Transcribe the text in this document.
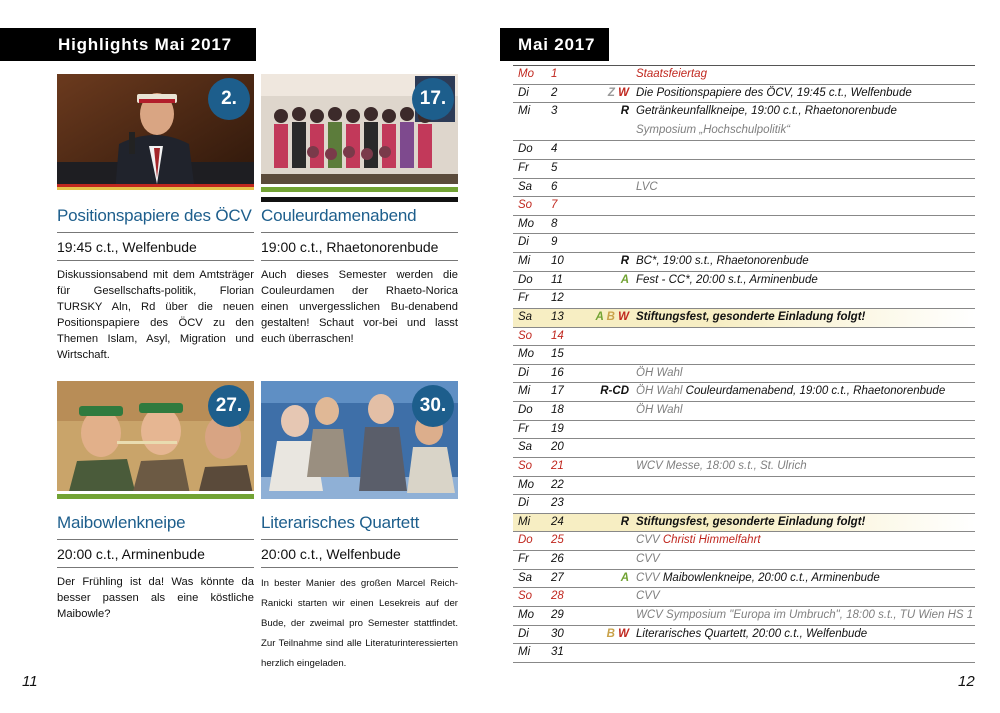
Highlights Mai 2017
2.
Positionspapiere des ÖCV
19:45 c.t., Welfenbude
Diskussionsabend mit dem Amtsträger für Gesellschafts-politik, Florian TURSKY Aln, Rd über die neuen Positionspapiere des ÖCV zu den Themen Islam, Asyl, Migration und Wirtschaft.
17.
Couleurdamenabend
19:00 c.t., Rhaetonorenbude
Auch dieses Semester werden die Couleurdamen der Rhaeto-Norica einen unvergesslichen Bu-denabend gestalten! Schaut vor-bei und lasst euch überraschen!
27.
Maibowlenkneipe
20:00 c.t., Arminenbude
Der Frühling ist da! Was könnte da besser passen als eine köstliche Maibowle?
30.
Literarisches Quartett
20:00 c.t., Welfenbude
In bester Manier des großen Marcel Reich-Ranicki starten wir einen Lesekreis auf der Bude, der zweimal pro Semester stattfindet. Zur Teilnahme sind alle Literaturinteressierten herzlich eingeladen.
11
Mai 2017
Mo	1	Staatsfeiertag
Di	2	Z W Die Positionspapiere des ÖCV, 19:45 c.t., Welfenbude
Mi	3	R Getränkeunfallkneipe, 19:00 c.t., Rhaetonorenbude
Symposium „Hochschulpolitik“
Do	4
Fr	5
Sa	6	LVC
So	7
Mo	8
Di	9
Mi	10	R BC*, 19:00 s.t., Rhaetonorenbude
Do	11	A Fest - CC*, 20:00 s.t., Arminenbude
Fr	12
Sa	13	A B W Stiftungsfest, gesonderte Einladung folgt!
So	14
Mo	15
Di	16	ÖH Wahl
Mi	17	R-CD ÖH Wahl Couleurdamenabend, 19:00 c.t., Rhaetonorenbude
Do	18	ÖH Wahl
Fr	19
Sa	20
So	21	WCV Messe, 18:00 s.t., St. Ulrich
Mo	22
Di	23
Mi	24	R Stiftungsfest, gesonderte Einladung folgt!
Do	25	CVV Christi Himmelfahrt
Fr	26	CVV
Sa	27	A CVV Maibowlenkneipe, 20:00 c.t., Arminenbude
So	28	CVV
Mo	29	WCV Symposium "Europa im Umbruch", 18:00 s.t., TU Wien HS 1
Di	30	B W Literarisches Quartett, 20:00 c.t., Welfenbude
Mi	31
12
